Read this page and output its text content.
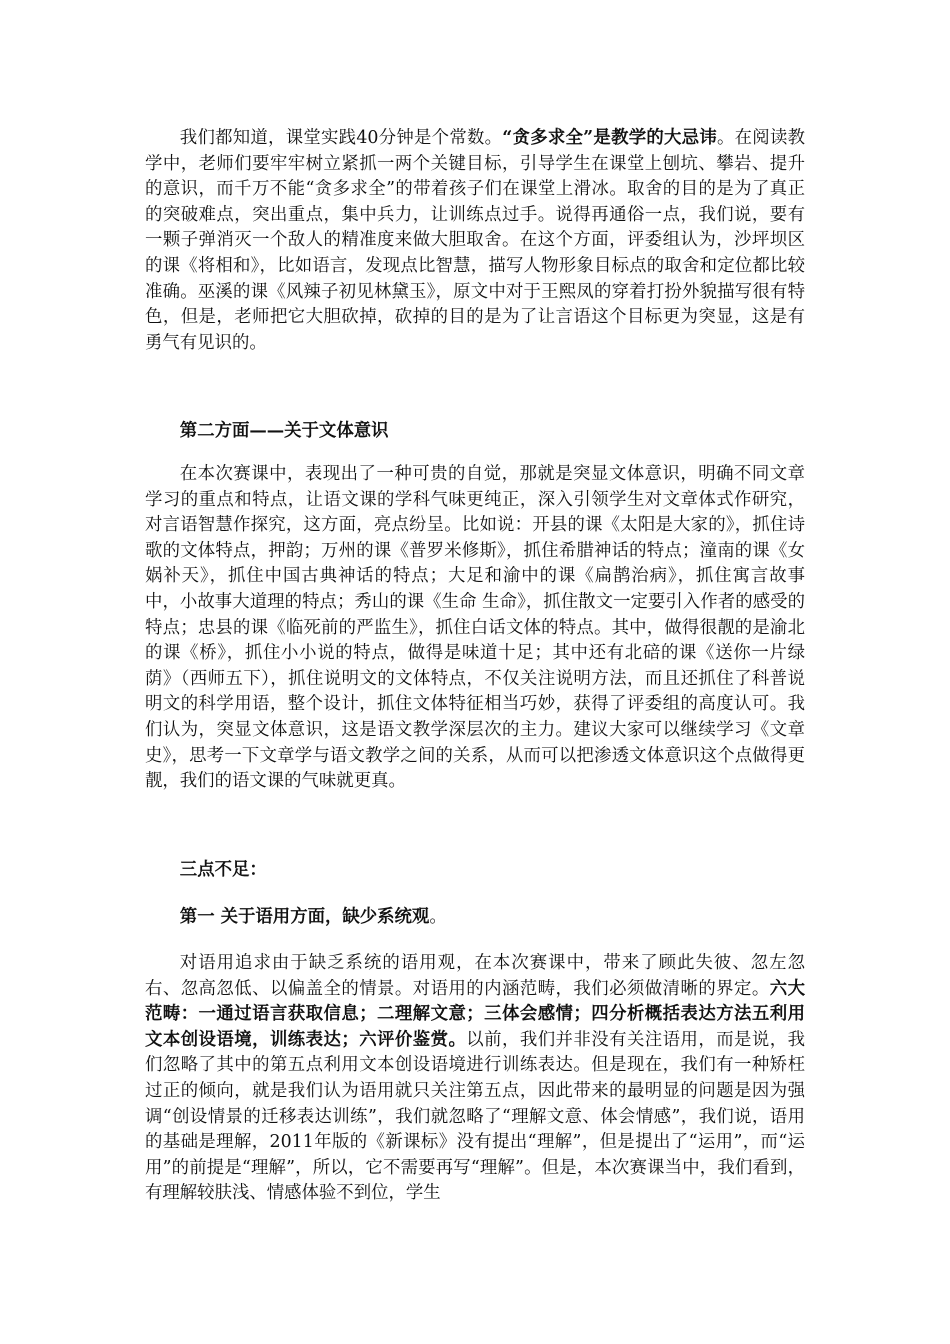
我们都知道，课堂实践40分钟是个常数。“贪多求全”是教学的大忌讳。在阅读教学中，老师们要牢牢树立紧抓一两个关键目标，引导学生在课堂上刨坑、攀岩、提升的意识，而千万不能“贪多求全”的带着孩子们在课堂上滑冰。取舍的目的是为了真正的突破难点，突出重点，集中兵力，让训练点过手。说得再通俗一点，我们说，要有一颗子弹消灭一个敌人的精准度来做大胆取舍。在这个方面，评委组认为，沙坪坝区的课《将相和》，比如语言，发现点比智慧，描写人物形象目标点的取舍和定位都比较准确。巫溪的课《风辣子初见林黛玉》，原文中对于王熙凤的穿着打扮外貌描写很有特色，但是，老师把它大胆砍掉，砍掉的目的是为了让言语这个目标更为突显，这是有勇气有见识的。

第二方面——关于文体意识

在本次赛课中，表现出了一种可贵的自觉，那就是突显文体意识，明确不同文章学习的重点和特点，让语文课的学科气味更纯正，深入引领学生对文章体式作研究，对言语智慧作探究，这方面，亮点纷呈。比如说：开县的课《太阳是大家的》，抓住诗歌的文体特点，押韵；万州的课《普罗米修斯》，抓住希腊神话的特点；潼南的课《女娲补天》，抓住中国古典神话的特点；大足和渝中的课《扁鹊治病》，抓住寓言故事中，小故事大道理的特点；秀山的课《生命 生命》，抓住散文一定要引入作者的感受的特点；忠县的课《临死前的严监生》，抓住白话文体的特点。其中，做得很靓的是渝北的课《桥》，抓住小小说的特点，做得是味道十足；其中还有北碚的课《送你一片绿荫》（西师五下），抓住说明文的文体特点，不仅关注说明方法，而且还抓住了科普说明文的科学用语，整个设计，抓住文体特征相当巧妙，获得了评委组的高度认可。我们认为，突显文体意识，这是语文教学深层次的主力。建议大家可以继续学习《文章史》，思考一下文章学与语文教学之间的关系，从而可以把渗透文体意识这个点做得更靓，我们的语文课的气味就更真。

三点不足：

第一 关于语用方面，缺少系统观。

对语用追求由于缺乏系统的语用观，在本次赛课中，带来了顾此失彼、忽左忽右、忽高忽低、以偏盖全的情景。对语用的内涵范畴，我们必须做清晰的界定。六大范畴：一通过语言获取信息；二理解文意；三体会感情；四分析概括表达方法五利用文本创设语境，训练表达；六评价鉴赏。以前，我们并非没有关注语用，而是说，我们忽略了其中的第五点利用文本创设语境进行训练表达。但是现在，我们有一种矫枉过正的倾向，就是我们认为语用就只关注第五点，因此带来的最明显的问题是因为强调“创设情景的迁移表达训练”，我们就忽略了“理解文意、体会情感”，我们说，语用的基础是理解，2011年版的《新课标》没有提出“理解”，但是提出了“运用”，而“运用”的前提是“理解”，所以，它不需要再写“理解”。但是，本次赛课当中，我们看到，有理解较肤浅、情感体验不到位，学生
